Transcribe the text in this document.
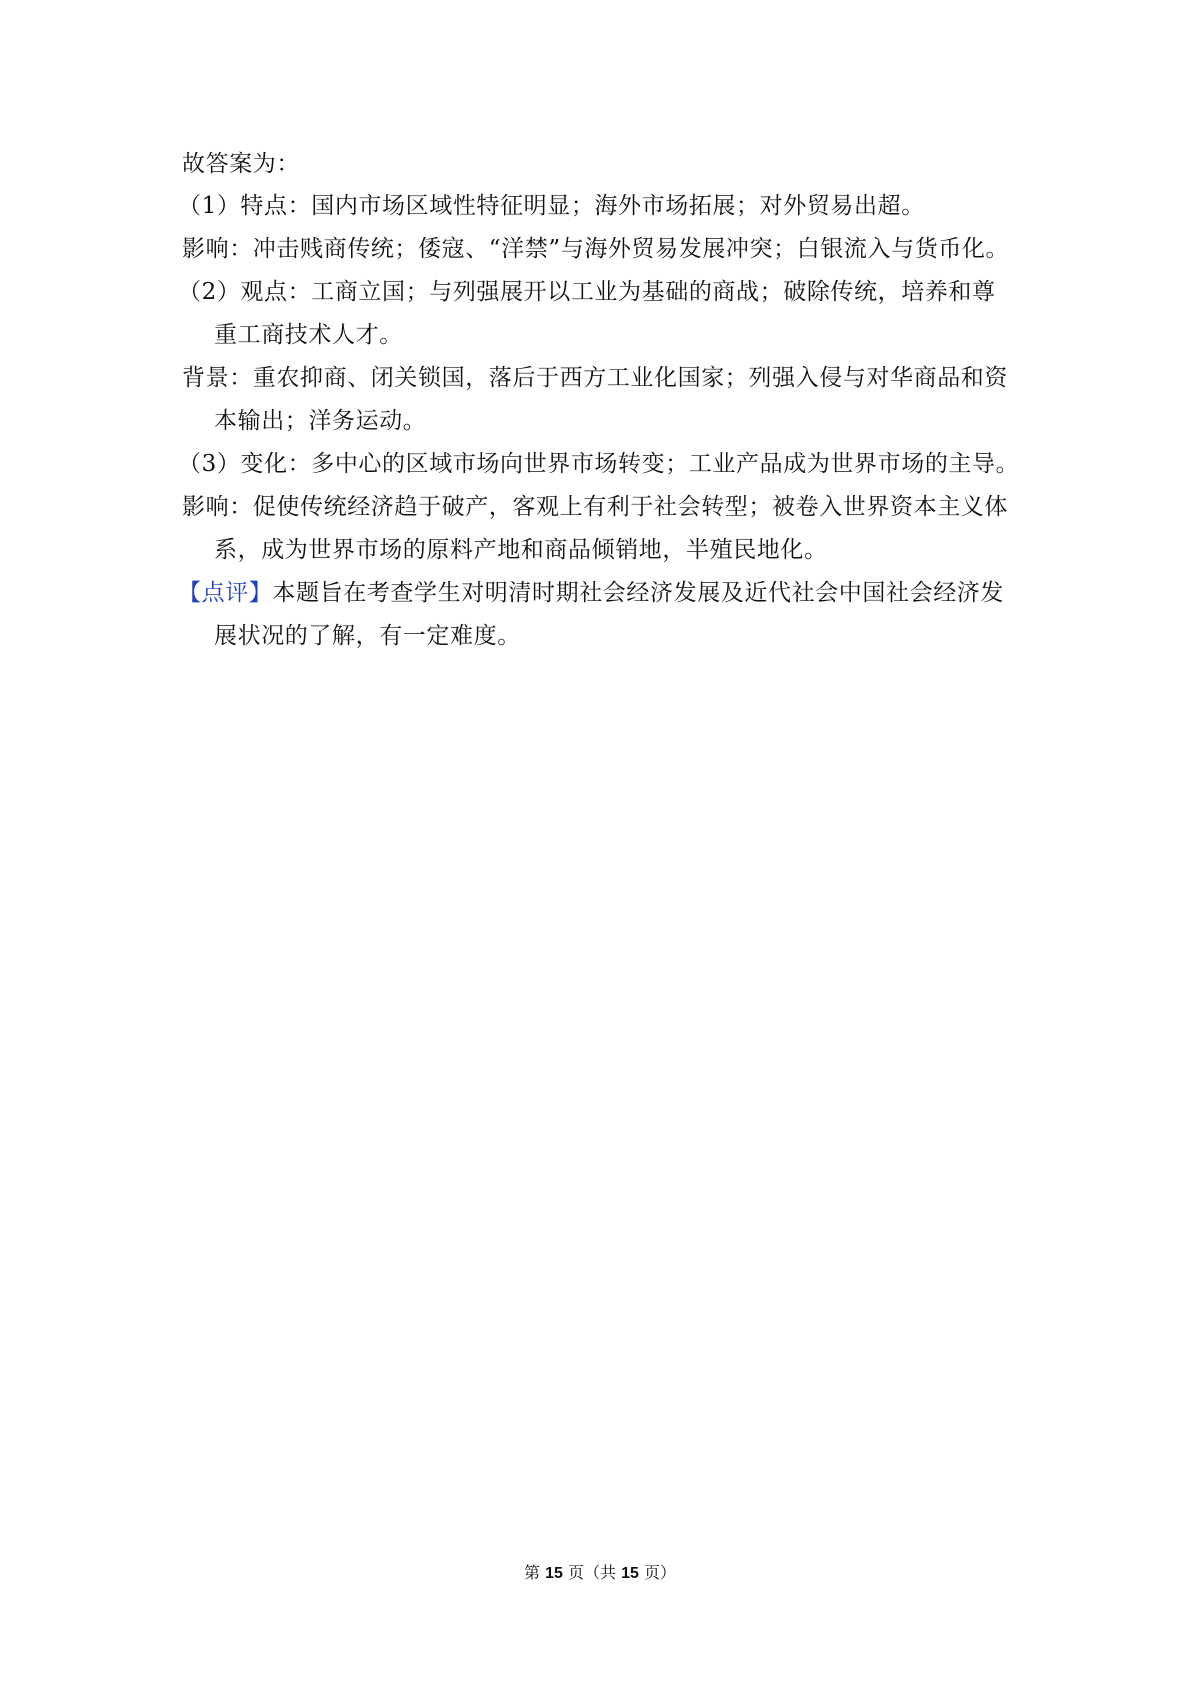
故答案为：
（1）特点：国内市场区域性特征明显；海外市场拓展；对外贸易出超。
影响：冲击贱商传统；倭寇、“洋禁”与海外贸易发展冲突；白银流入与货币化。
（2）观点：工商立国；与列强展开以工业为基础的商战；破除传统，培养和尊
重工商技术人才。
背景：重农抑商、闭关锁国，落后于西方工业化国家；列强入侵与对华商品和资
本输出；洋务运动。
（3）变化：多中心的区域市场向世界市场转变；工业产品成为世界市场的主导。
影响：促使传统经济趋于破产，客观上有利于社会转型；被卷入世界资本主义体
系，成为世界市场的原料产地和商品倾销地，半殖民地化。
【点评】本题旨在考查学生对明清时期社会经济发展及近代社会中国社会经济发
展状况的了解，有一定难度。
第 15 页（共 15 页）
